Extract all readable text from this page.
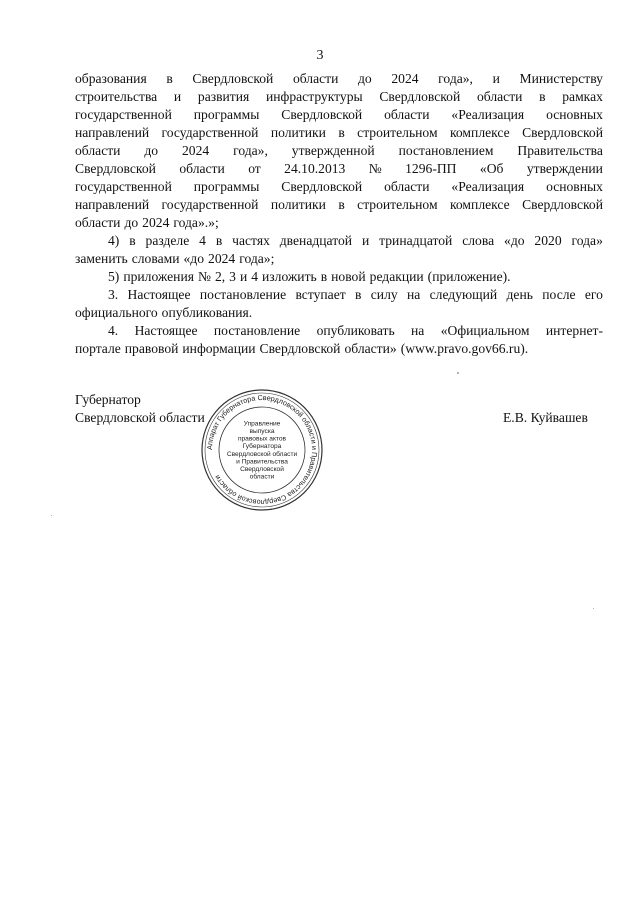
3
образования в Свердловской области до 2024 года», и Министерству
строительства и развития инфраструктуры Свердловской области в рамках
государственной программы Свердловской области «Реализация основных
направлений государственной политики в строительном комплексе Свердловской
области до 2024 года», утвержденной постановлением Правительства
Свердловской области от 24.10.2013 № 1296-ПП «Об утверждении
государственной программы Свердловской области «Реализация основных
направлений государственной политики в строительном комплексе Свердловской
области до 2024 года».»;
4) в разделе 4 в частях двенадцатой и тринадцатой слова «до 2020 года»
заменить словами «до 2024 года»;
5) приложения № 2, 3 и 4 изложить в новой редакции (приложение).
3. Настоящее постановление вступает в силу на следующий день после его
официального опубликования.
4. Настоящее постановление опубликовать на «Официальном интернет-
портале правовой информации Свердловской области» (www.pravo.gov66.ru).
Губернатор
Свердловской области
Аппарат Губернатора Свердловской области и Правительства Свердловской области
Управление
выпуска
правовых актов
Губернатора
Свердловской области
и Правительства
Свердловской
области
Е.В. Куйвашев
